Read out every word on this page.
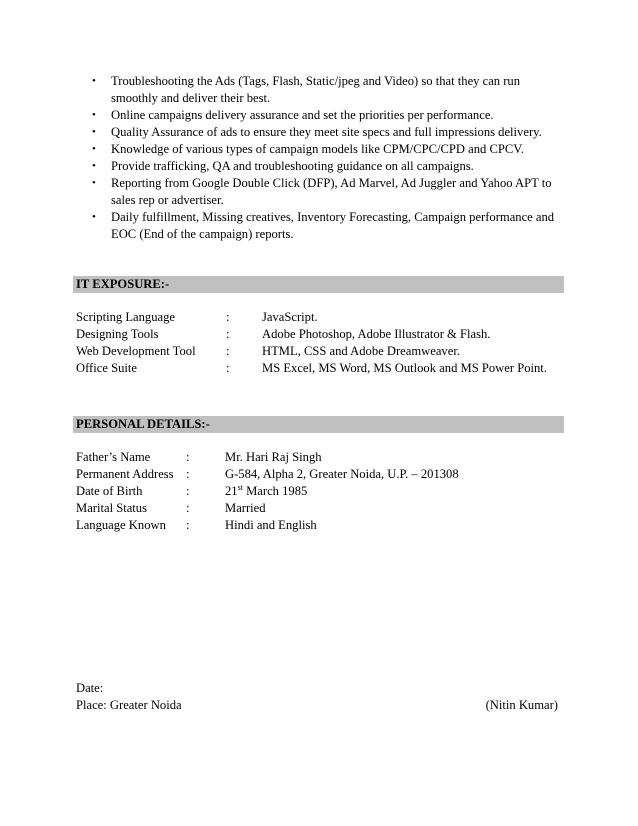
• Troubleshooting the Ads (Tags, Flash, Static/jpeg and Video) so that they can run smoothly and deliver their best.
• Online campaigns delivery assurance and set the priorities per performance.
• Quality Assurance of ads to ensure they meet site specs and full impressions delivery.
• Knowledge of various types of campaign models like CPM/CPC/CPD and CPCV.
• Provide trafficking, QA and troubleshooting guidance on all campaigns.
• Reporting from Google Double Click (DFP), Ad Marvel, Ad Juggler and Yahoo APT to sales rep or advertiser.
• Daily fulfillment, Missing creatives, Inventory Forecasting, Campaign performance and EOC (End of the campaign) reports.
IT EXPOSURE:-
Scripting Language	:	JavaScript.
Designing Tools	:	Adobe Photoshop, Adobe Illustrator & Flash.
Web Development Tool :	HTML, CSS and Adobe Dreamweaver.
Office Suite	:	MS Excel, MS Word, MS Outlook and MS Power Point.
PERSONAL DETAILS:-
Father’s Name	:	Mr. Hari Raj Singh
Permanent Address :	G-584, Alpha 2, Greater Noida, U.P. – 201308
Date of Birth	:	21st March 1985
Marital Status	:	Married
Language Known :	Hindi and English
Date:
Place: Greater Noida	(Nitin Kumar)
